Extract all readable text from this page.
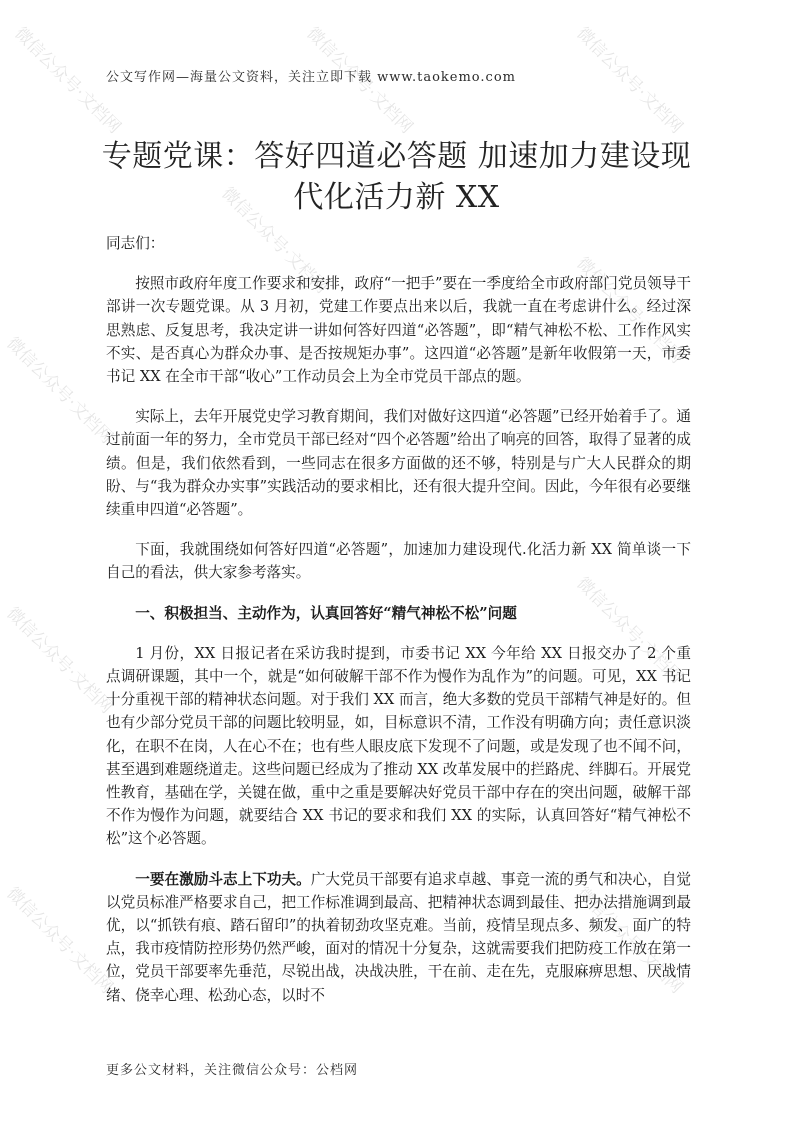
微信公众号·文档网	微信公众号·文档网	微信公众号·文档网
微信公众号·文档网
微信公众号·文档网
微信公众号·文档网
微信公众号·文档网	微信公众号·文档网
微信公众号·文档网	微信公众号·文档网
公文写作网—海量公文资料，关注立即下载 www.taokemo.com
专题党课：答好四道必答题 加速加力建设现代化活力新 XX

同志们：

按照市政府年度工作要求和安排，政府“一把手”要在一季度给全市政府部门党员领导干部讲一次专题党课。从 3 月初，党建工作要点出来以后，我就一直在考虑讲什么。经过深思熟虑、反复思考，我决定讲一讲如何答好四道“必答题”，即“精气神松不松、工作作风实不实、是否真心为群众办事、是否按规矩办事”。这四道“必答题”是新年收假第一天，市委书记 XX 在全市干部“收心”工作动员会上为全市党员干部点的题。

实际上，去年开展党史学习教育期间，我们对做好这四道“必答题”已经开始着手了。通过前面一年的努力，全市党员干部已经对“四个必答题”给出了响亮的回答，取得了显著的成绩。但是，我们依然看到，一些同志在很多方面做的还不够，特别是与广大人民群众的期盼、与“我为群众办实事”实践活动的要求相比，还有很大提升空间。因此，今年很有必要继续重申四道“必答题”。

下面，我就围绕如何答好四道“必答题”，加速加力建设现代.化活力新 XX 简单谈一下自己的看法，供大家参考落实。

一、积极担当、主动作为，认真回答好“精气神松不松”问题

1 月份，XX 日报记者在采访我时提到，市委书记 XX 今年给 XX 日报交办了 2 个重点调研课题，其中一个，就是“如何破解干部不作为慢作为乱作为”的问题。可见，XX 书记十分重视干部的精神状态问题。对于我们 XX 而言，绝大多数的党员干部精气神是好的。但也有少部分党员干部的问题比较明显，如，目标意识不清，工作没有明确方向；责任意识淡化，在职不在岗，人在心不在；也有些人眼皮底下发现不了问题，或是发现了也不闻不问，甚至遇到难题绕道走。这些问题已经成为了推动 XX 改革发展中的拦路虎、绊脚石。开展党性教育，基础在学，关键在做，重中之重是要解决好党员干部中存在的突出问题，破解干部不作为慢作为问题，就要结合 XX 书记的要求和我们 XX 的实际，认真回答好“精气神松不松”这个必答题。

一要在激励斗志上下功夫。广大党员干部要有追求卓越、事竞一流的勇气和决心，自觉以党员标准严格要求自己，把工作标准调到最高、把精神状态调到最佳、把办法措施调到最优，以“抓铁有痕、踏石留印”的执着韧劲攻坚克难。当前，疫情呈现点多、频发、面广的特点，我市疫情防控形势仍然严峻，面对的情况十分复杂，这就需要我们把防疫工作放在第一位，党员干部要率先垂范，尽锐出战，决战决胜，干在前、走在先，克服麻痹思想、厌战情绪、侥幸心理、松劲心态，以时不

更多公文材料，关注微信公众号：公档网
